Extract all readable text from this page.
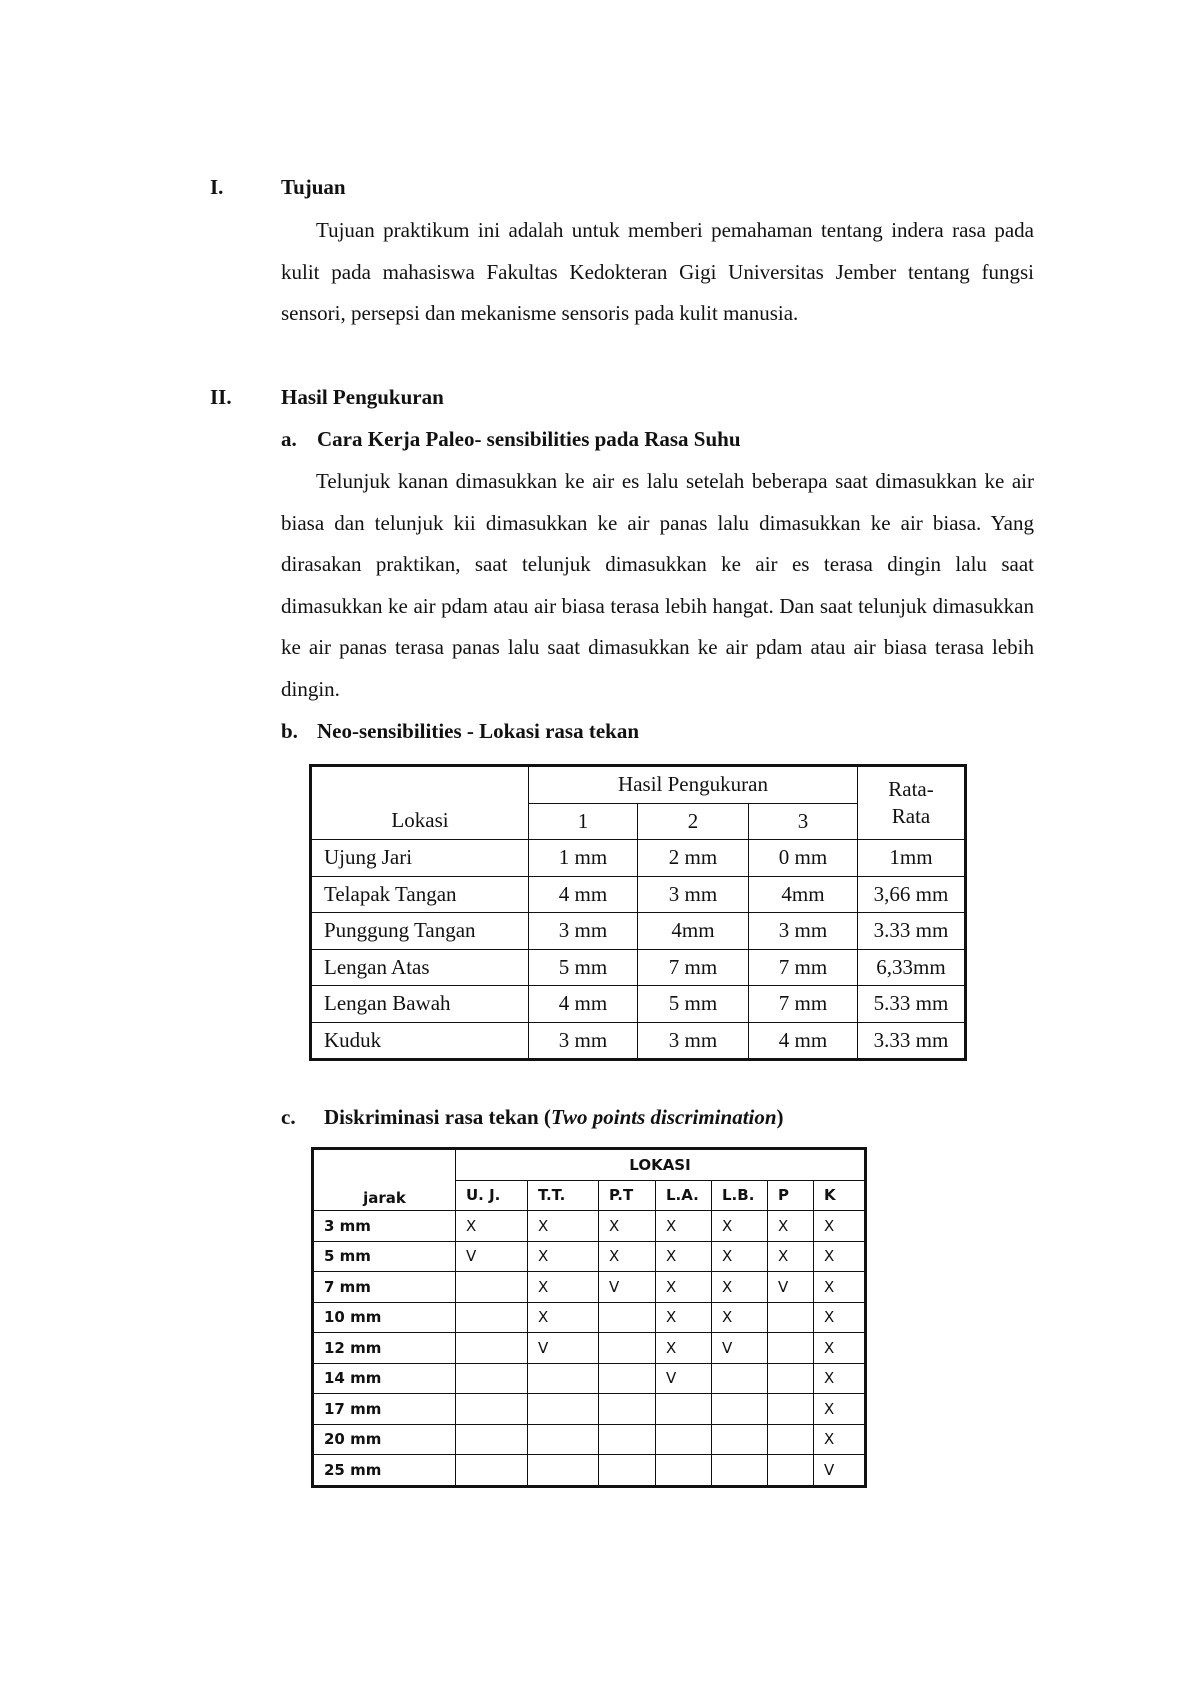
I.	Tujuan
Tujuan praktikum ini adalah untuk memberi pemahaman tentang indera rasa pada kulit pada mahasiswa Fakultas Kedokteran Gigi Universitas Jember tentang fungsi sensori, persepsi dan mekanisme sensoris pada kulit manusia.
II. Hasil Pengukuran
a. Cara Kerja Paleo- sensibilities pada Rasa Suhu
Telunjuk kanan dimasukkan ke air es lalu setelah beberapa saat dimasukkan ke air biasa dan telunjuk kii dimasukkan ke air panas lalu dimasukkan ke air biasa. Yang dirasakan praktikan, saat telunjuk dimasukkan ke air es terasa dingin lalu saat dimasukkan ke air pdam atau air biasa terasa lebih hangat. Dan saat telunjuk dimasukkan ke air panas terasa panas lalu saat dimasukkan ke air pdam atau air biasa terasa lebih dingin.
b. Neo-sensibilities - Lokasi rasa tekan
Lokasi	Hasil Pengukuran			Rata-Rata
	1	2	3	
Ujung Jari	1 mm	2 mm	0 mm	1mm
Telapak Tangan	4 mm	3 mm	4mm	3,66 mm
Punggung Tangan	3 mm	4mm	3 mm	3.33 mm
Lengan Atas	5 mm	7 mm	7 mm	6,33mm
Lengan Bawah	4 mm	5 mm	7 mm	5.33 mm
Kuduk	3 mm	3 mm	4 mm	3.33 mm
c. Diskriminasi rasa tekan (Two points discrimination)
jarak	LOKASI						
	U. J.	T.T.	P.T	L.A.	L.B.	P	K
3 mm	X	X	X	X	X	X	X
5 mm	V	X	X	X	X	X	X
7 mm		X	V	X	X	V	X
10 mm		X		X	X		X
12 mm		V		X	V		X
14 mm				V			X
17 mm							X
20 mm							X
25 mm							V
